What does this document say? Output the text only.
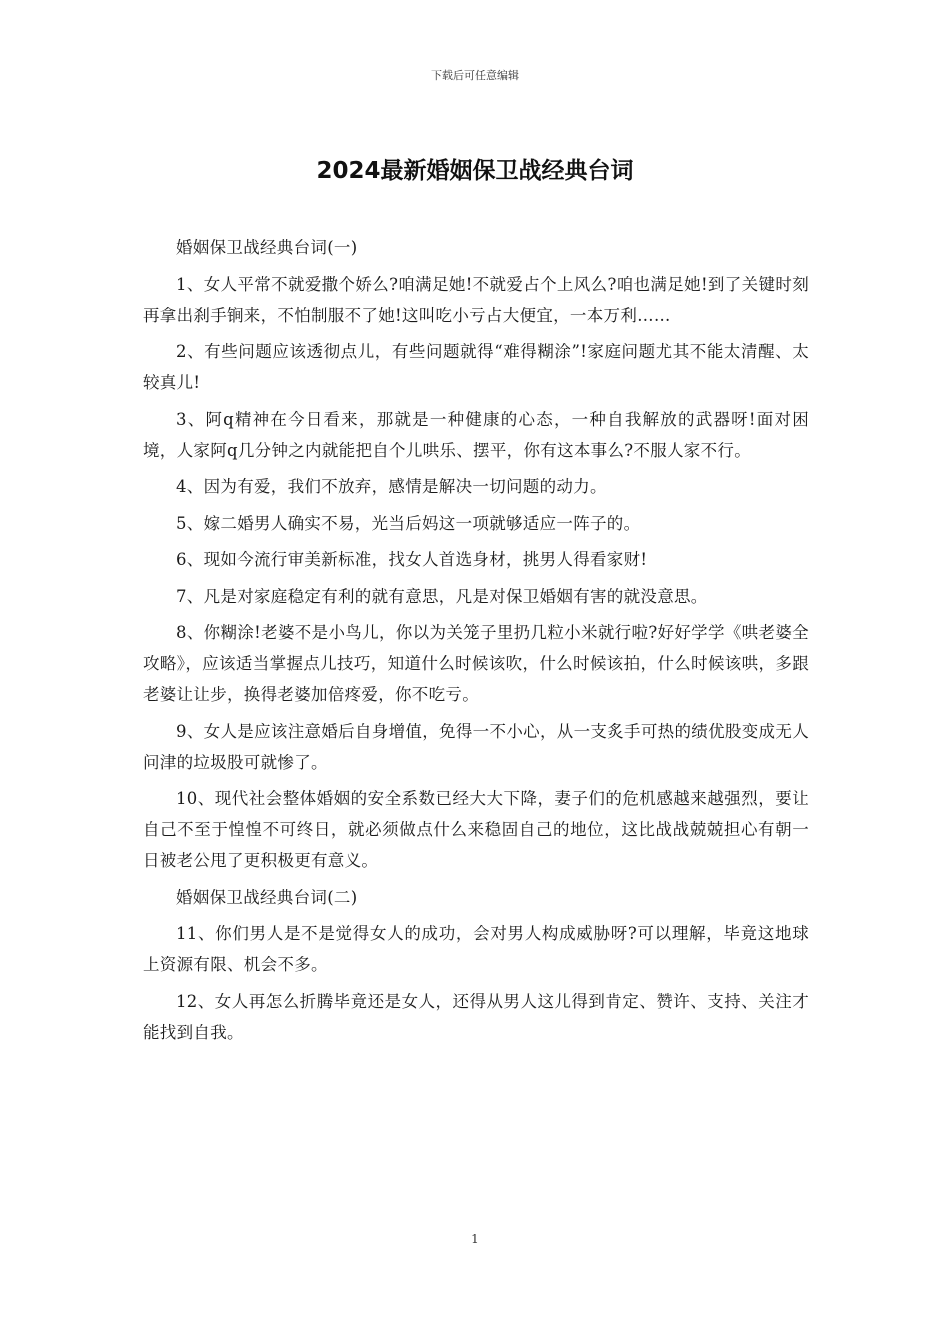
下载后可任意编辑
2024最新婚姻保卫战经典台词

婚姻保卫战经典台词(一)

1、女人平常不就爱撒个娇么?咱满足她!不就爱占个上风么?咱也满足她!到了关键时刻再拿出刹手锏来，不怕制服不了她!这叫吃小亏占大便宜，一本万利……

2、有些问题应该透彻点儿，有些问题就得“难得糊涂”!家庭问题尤其不能太清醒、太较真儿!

3、阿q精神在今日看来，那就是一种健康的心态，一种自我解放的武器呀!面对困境，人家阿q几分钟之内就能把自个儿哄乐、摆平，你有这本事么?不服人家不行。

4、因为有爱，我们不放弃，感情是解决一切问题的动力。

5、嫁二婚男人确实不易，光当后妈这一项就够适应一阵子的。

6、现如今流行审美新标准，找女人首选身材，挑男人得看家财!

7、凡是对家庭稳定有利的就有意思，凡是对保卫婚姻有害的就没意思。

8、你糊涂!老婆不是小鸟儿，你以为关笼子里扔几粒小米就行啦?好好学学《哄老婆全攻略》，应该适当掌握点儿技巧，知道什么时候该吹，什么时候该拍，什么时候该哄，多跟老婆让让步，换得老婆加倍疼爱，你不吃亏。

9、女人是应该注意婚后自身增值，免得一不小心，从一支炙手可热的绩优股变成无人问津的垃圾股可就惨了。

10、现代社会整体婚姻的安全系数已经大大下降，妻子们的危机感越来越强烈，要让自己不至于惶惶不可终日，就必须做点什么来稳固自己的地位，这比战战兢兢担心有朝一日被老公甩了更积极更有意义。

婚姻保卫战经典台词(二)

11、你们男人是不是觉得女人的成功，会对男人构成威胁呀?可以理解，毕竟这地球上资源有限、机会不多。

12、女人再怎么折腾毕竟还是女人，还得从男人这儿得到肯定、赞许、支持、关注才能找到自我。

1
